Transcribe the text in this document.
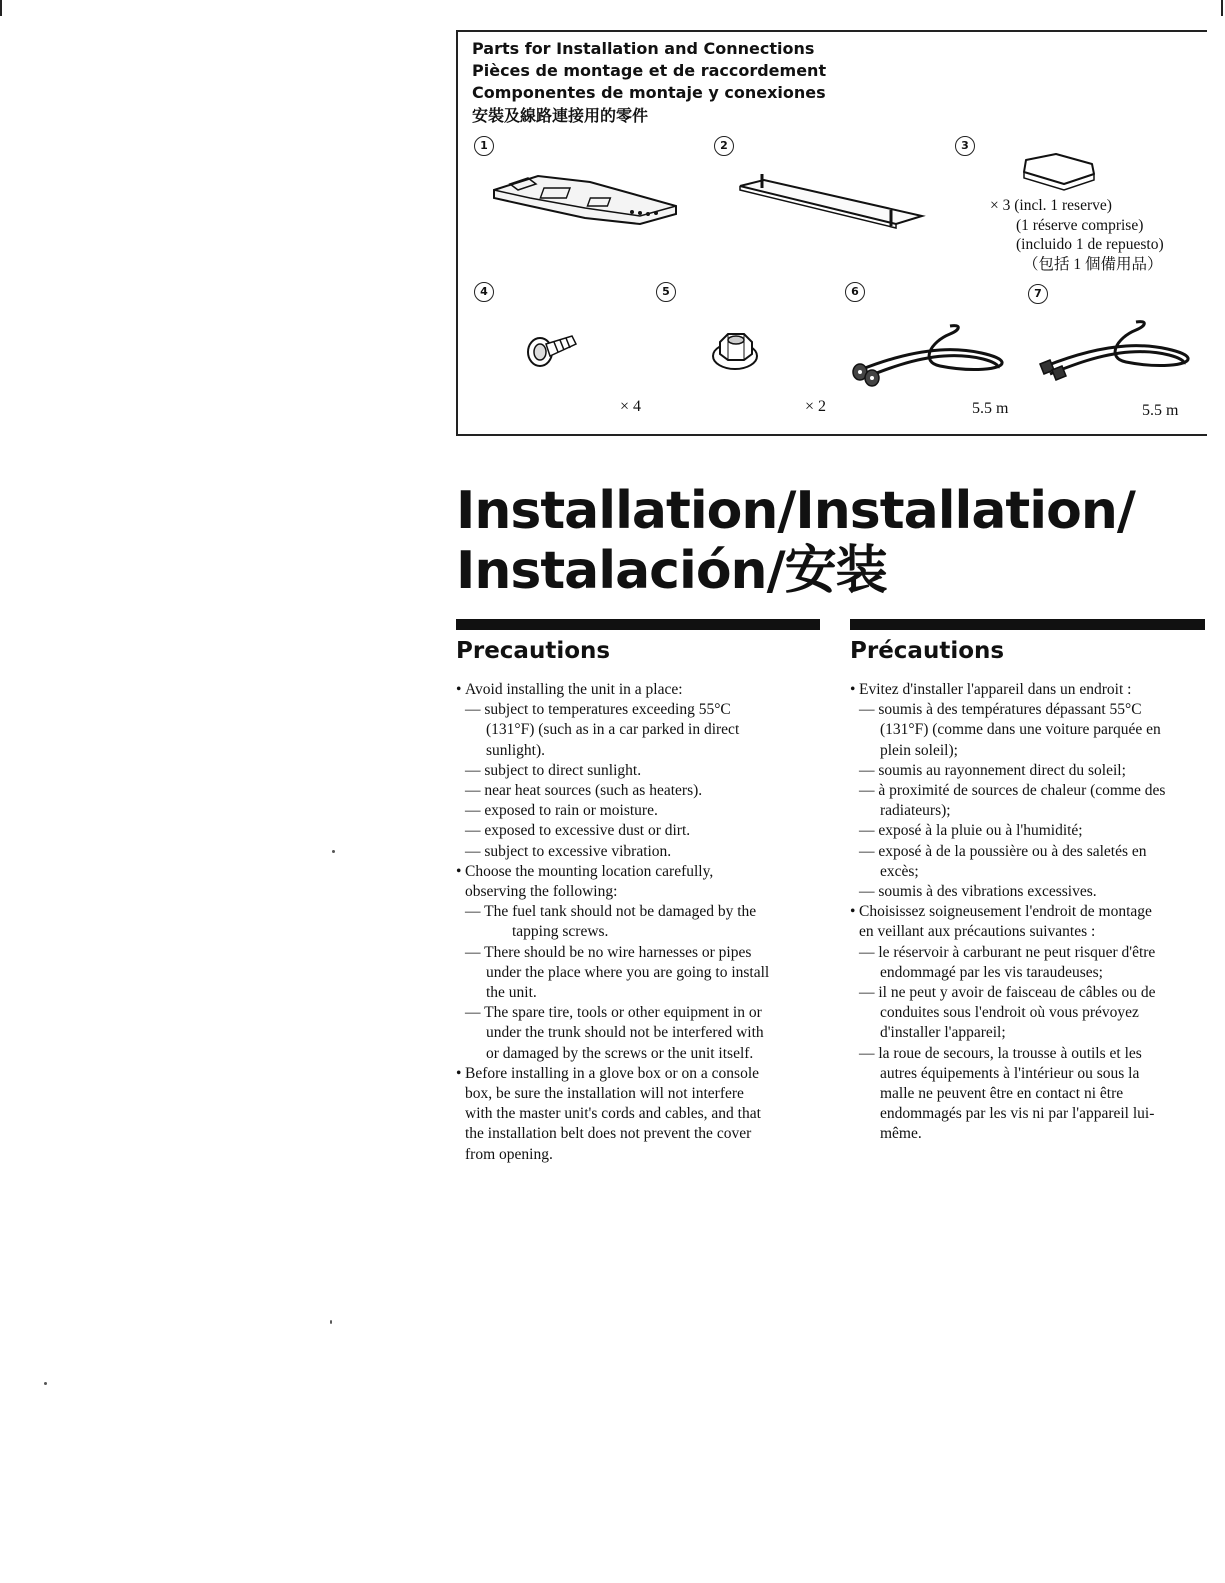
Parts for Installation and Connections
Pièces de montage et de raccordement
Componentes de montaje y conexiones
安裝及線路連接用的零件
1	2	3
4	5	6	7
× 3 (incl. 1 reserve)
(1 réserve comprise)
(incluido 1 de repuesto)
（包括 1 個備用品）
× 4	× 2	5.5 m	5.5 m
Installation/Installation/
Instalación/安装
Precautions

• Avoid installing the unit in a place:

— subject to temperatures exceeding 55°C

(131°F) (such as in a car parked in direct

sunlight).

— subject to direct sunlight.

— near heat sources (such as heaters).

— exposed to rain or moisture.

— exposed to excessive dust or dirt.

— subject to excessive vibration.

• Choose the mounting location carefully,

observing the following:

— The fuel tank should not be damaged by the

tapping screws.

— There should be no wire harnesses or pipes

under the place where you are going to install

the unit.

— The spare tire, tools or other equipment in or

under the trunk should not be interfered with

or damaged by the screws or the unit itself.

• Before installing in a glove box or on a console

box, be sure the installation will not interfere

with the master unit's cords and cables, and that

the installation belt does not prevent the cover

from opening.

Précautions

• Evitez d'installer l'appareil dans un endroit :

— soumis à des températures dépassant 55°C

(131°F) (comme dans une voiture parquée en

plein soleil);

— soumis au rayonnement direct du soleil;

— à proximité de sources de chaleur (comme des

radiateurs);

— exposé à la pluie ou à l'humidité;

— exposé à de la poussière ou à des saletés en

excès;

— soumis à des vibrations excessives.

• Choisissez soigneusement l'endroit de montage

en veillant aux précautions suivantes :

— le réservoir à carburant ne peut risquer d'être

endommagé par les vis taraudeuses;

— il ne peut y avoir de faisceau de câbles ou de

conduites sous l'endroit où vous prévoyez

d'installer l'appareil;

— la roue de secours, la trousse à outils et les

autres équipements à l'intérieur ou sous la

malle ne peuvent être en contact ni être

endommagés par les vis ni par l'appareil lui-

même.
